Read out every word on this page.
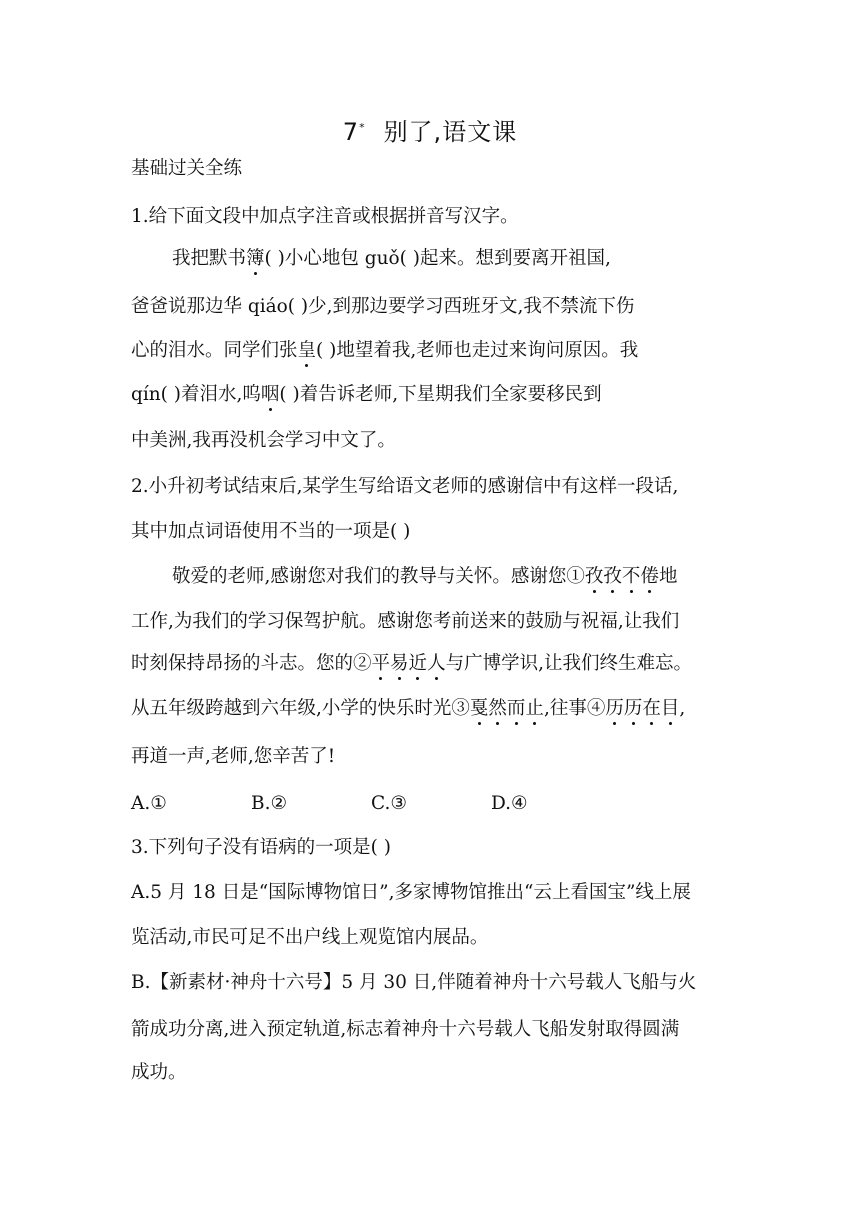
7* 别了,语文课
基础过关全练
1.给下面文段中加点字注音或根据拼音写汉字。
我把默书簿( )小心地包 guǒ( )起来。想到要离开祖国,
爸爸说那边华 qiáo( )少,到那边要学习西班牙文,我不禁流下伤
心的泪水。同学们张皇( )地望着我,老师也走过来询问原因。我
qín( )着泪水,呜咽( )着告诉老师,下星期我们全家要移民到
中美洲,我再没机会学习中文了。
2.小升初考试结束后,某学生写给语文老师的感谢信中有这样一段话,
其中加点词语使用不当的一项是( )
敬爱的老师,感谢您对我们的教导与关怀。感谢您①孜孜不倦地
工作,为我们的学习保驾护航。感谢您考前送来的鼓励与祝福,让我们
时刻保持昂扬的斗志。您的②平易近人与广博学识,让我们终生难忘。
从五年级跨越到六年级,小学的快乐时光③戛然而止,往事④历历在目,
再道一声,老师,您辛苦了!
A.①	B.②	C.③	D.④
3.下列句子没有语病的一项是( )
A.5 月 18 日是“国际博物馆日”,多家博物馆推出“云上看国宝”线上展
览活动,市民可足不出户线上观览馆内展品。
B.【新素材·神舟十六号】5 月 30 日,伴随着神舟十六号载人飞船与火
箭成功分离,进入预定轨道,标志着神舟十六号载人飞船发射取得圆满
成功。
